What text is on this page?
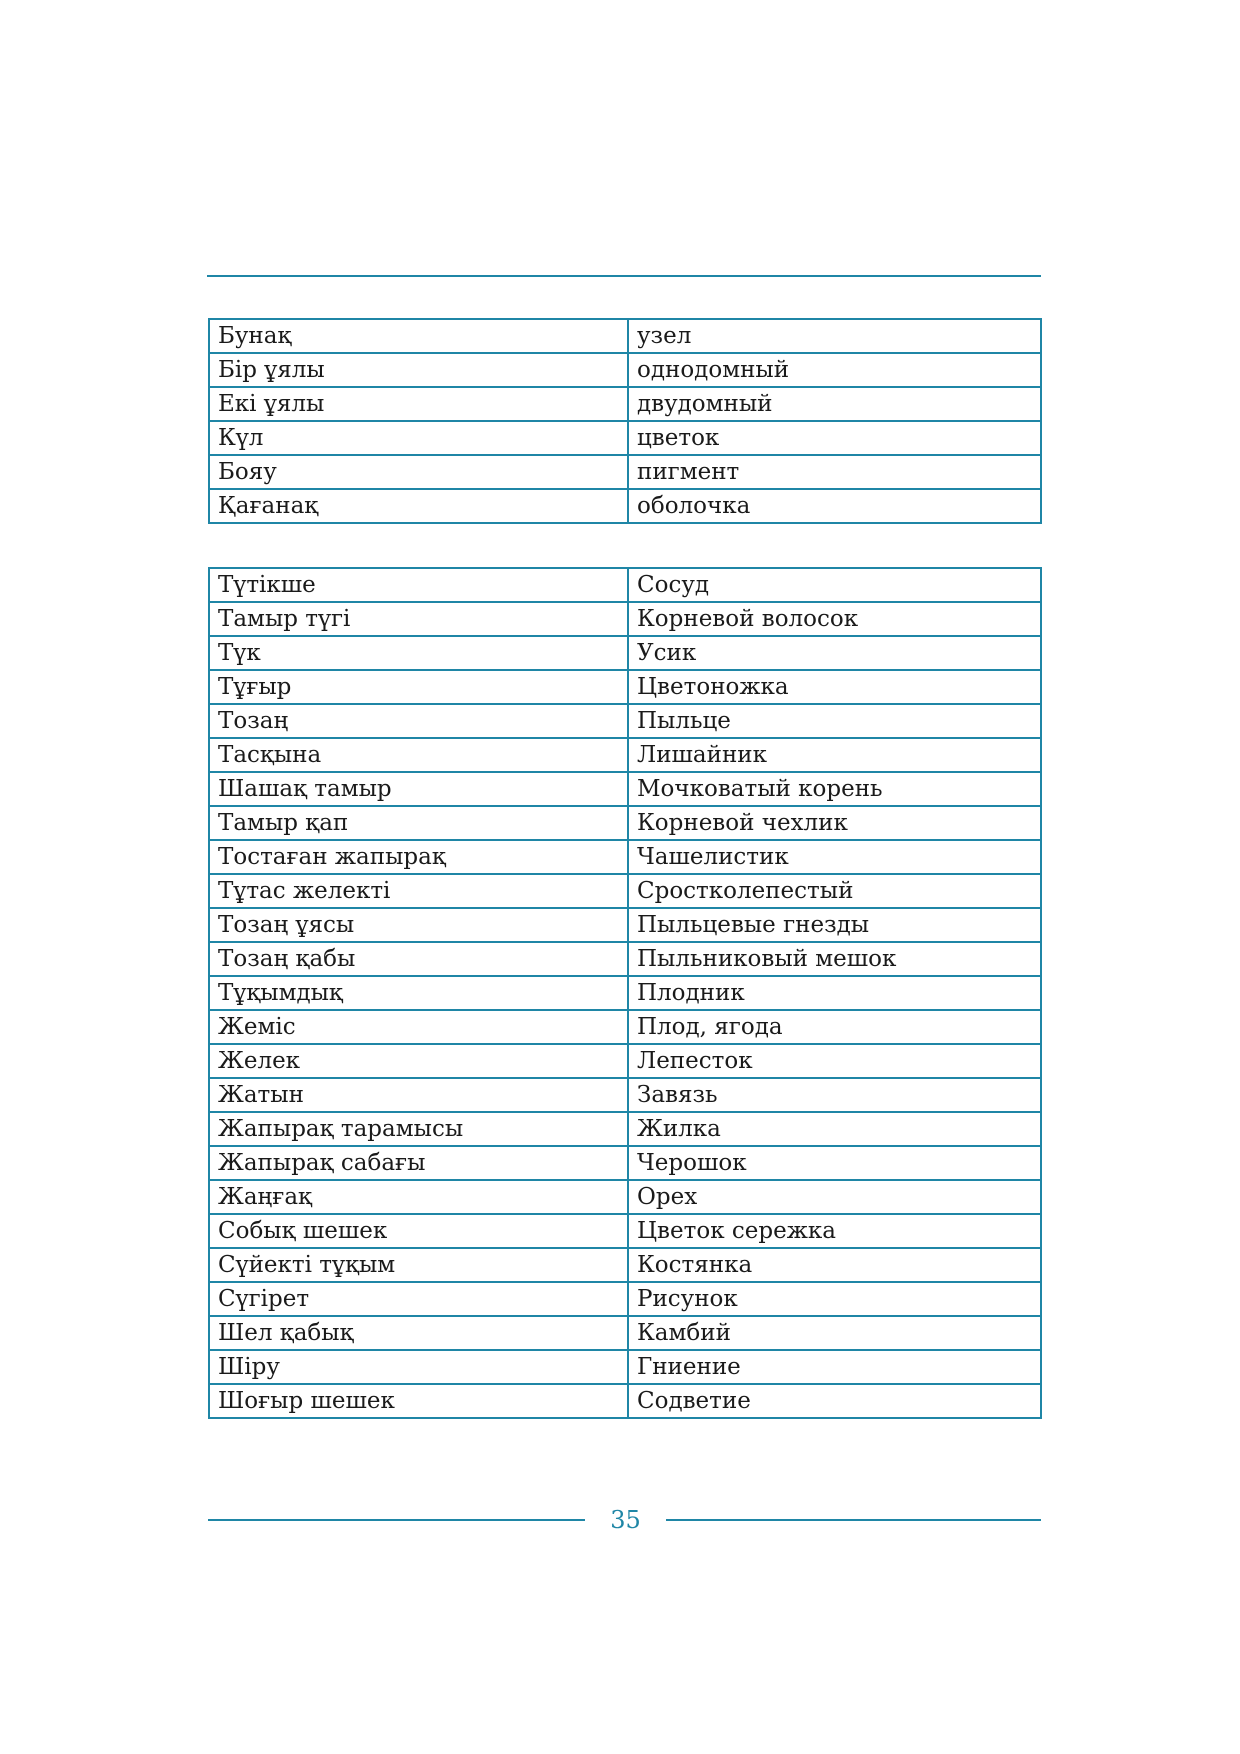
Бунақ	узел
Бір ұялы	однодомный
Екі ұялы	двудомный
Күл	цветок
Бояу	пигмент
Қағанақ	оболочка
Түтікше	Сосуд
Тамыр түгі	Корневой волосок
Түк	Усик
Тұғыр	Цветоножка
Тозаң	Пыльце
Тасқына	Лишайник
Шашақ тамыр	Мочковатый корень
Тамыр қап	Корневой чехлик
Тостаған жапырақ	Чашелистик
Тұтас желекті	Сростколепестый
Тозаң ұясы	Пыльцевые гнезды
Тозаң қабы	Пыльниковый мешок
Тұқымдық	Плодник
Жеміс	Плод, ягода
Желек	Лепесток
Жатын	Завязь
Жапырақ тарамысы	Жилка
Жапырақ сабағы	Черошок
Жаңғақ	Орех
Собық шешек	Цветок сережка
Сүйекті тұқым	Костянка
Сүгірет	Рисунок
Шел қабық	Камбий
Шіру	Гниение
Шоғыр шешек	Содветие
35
